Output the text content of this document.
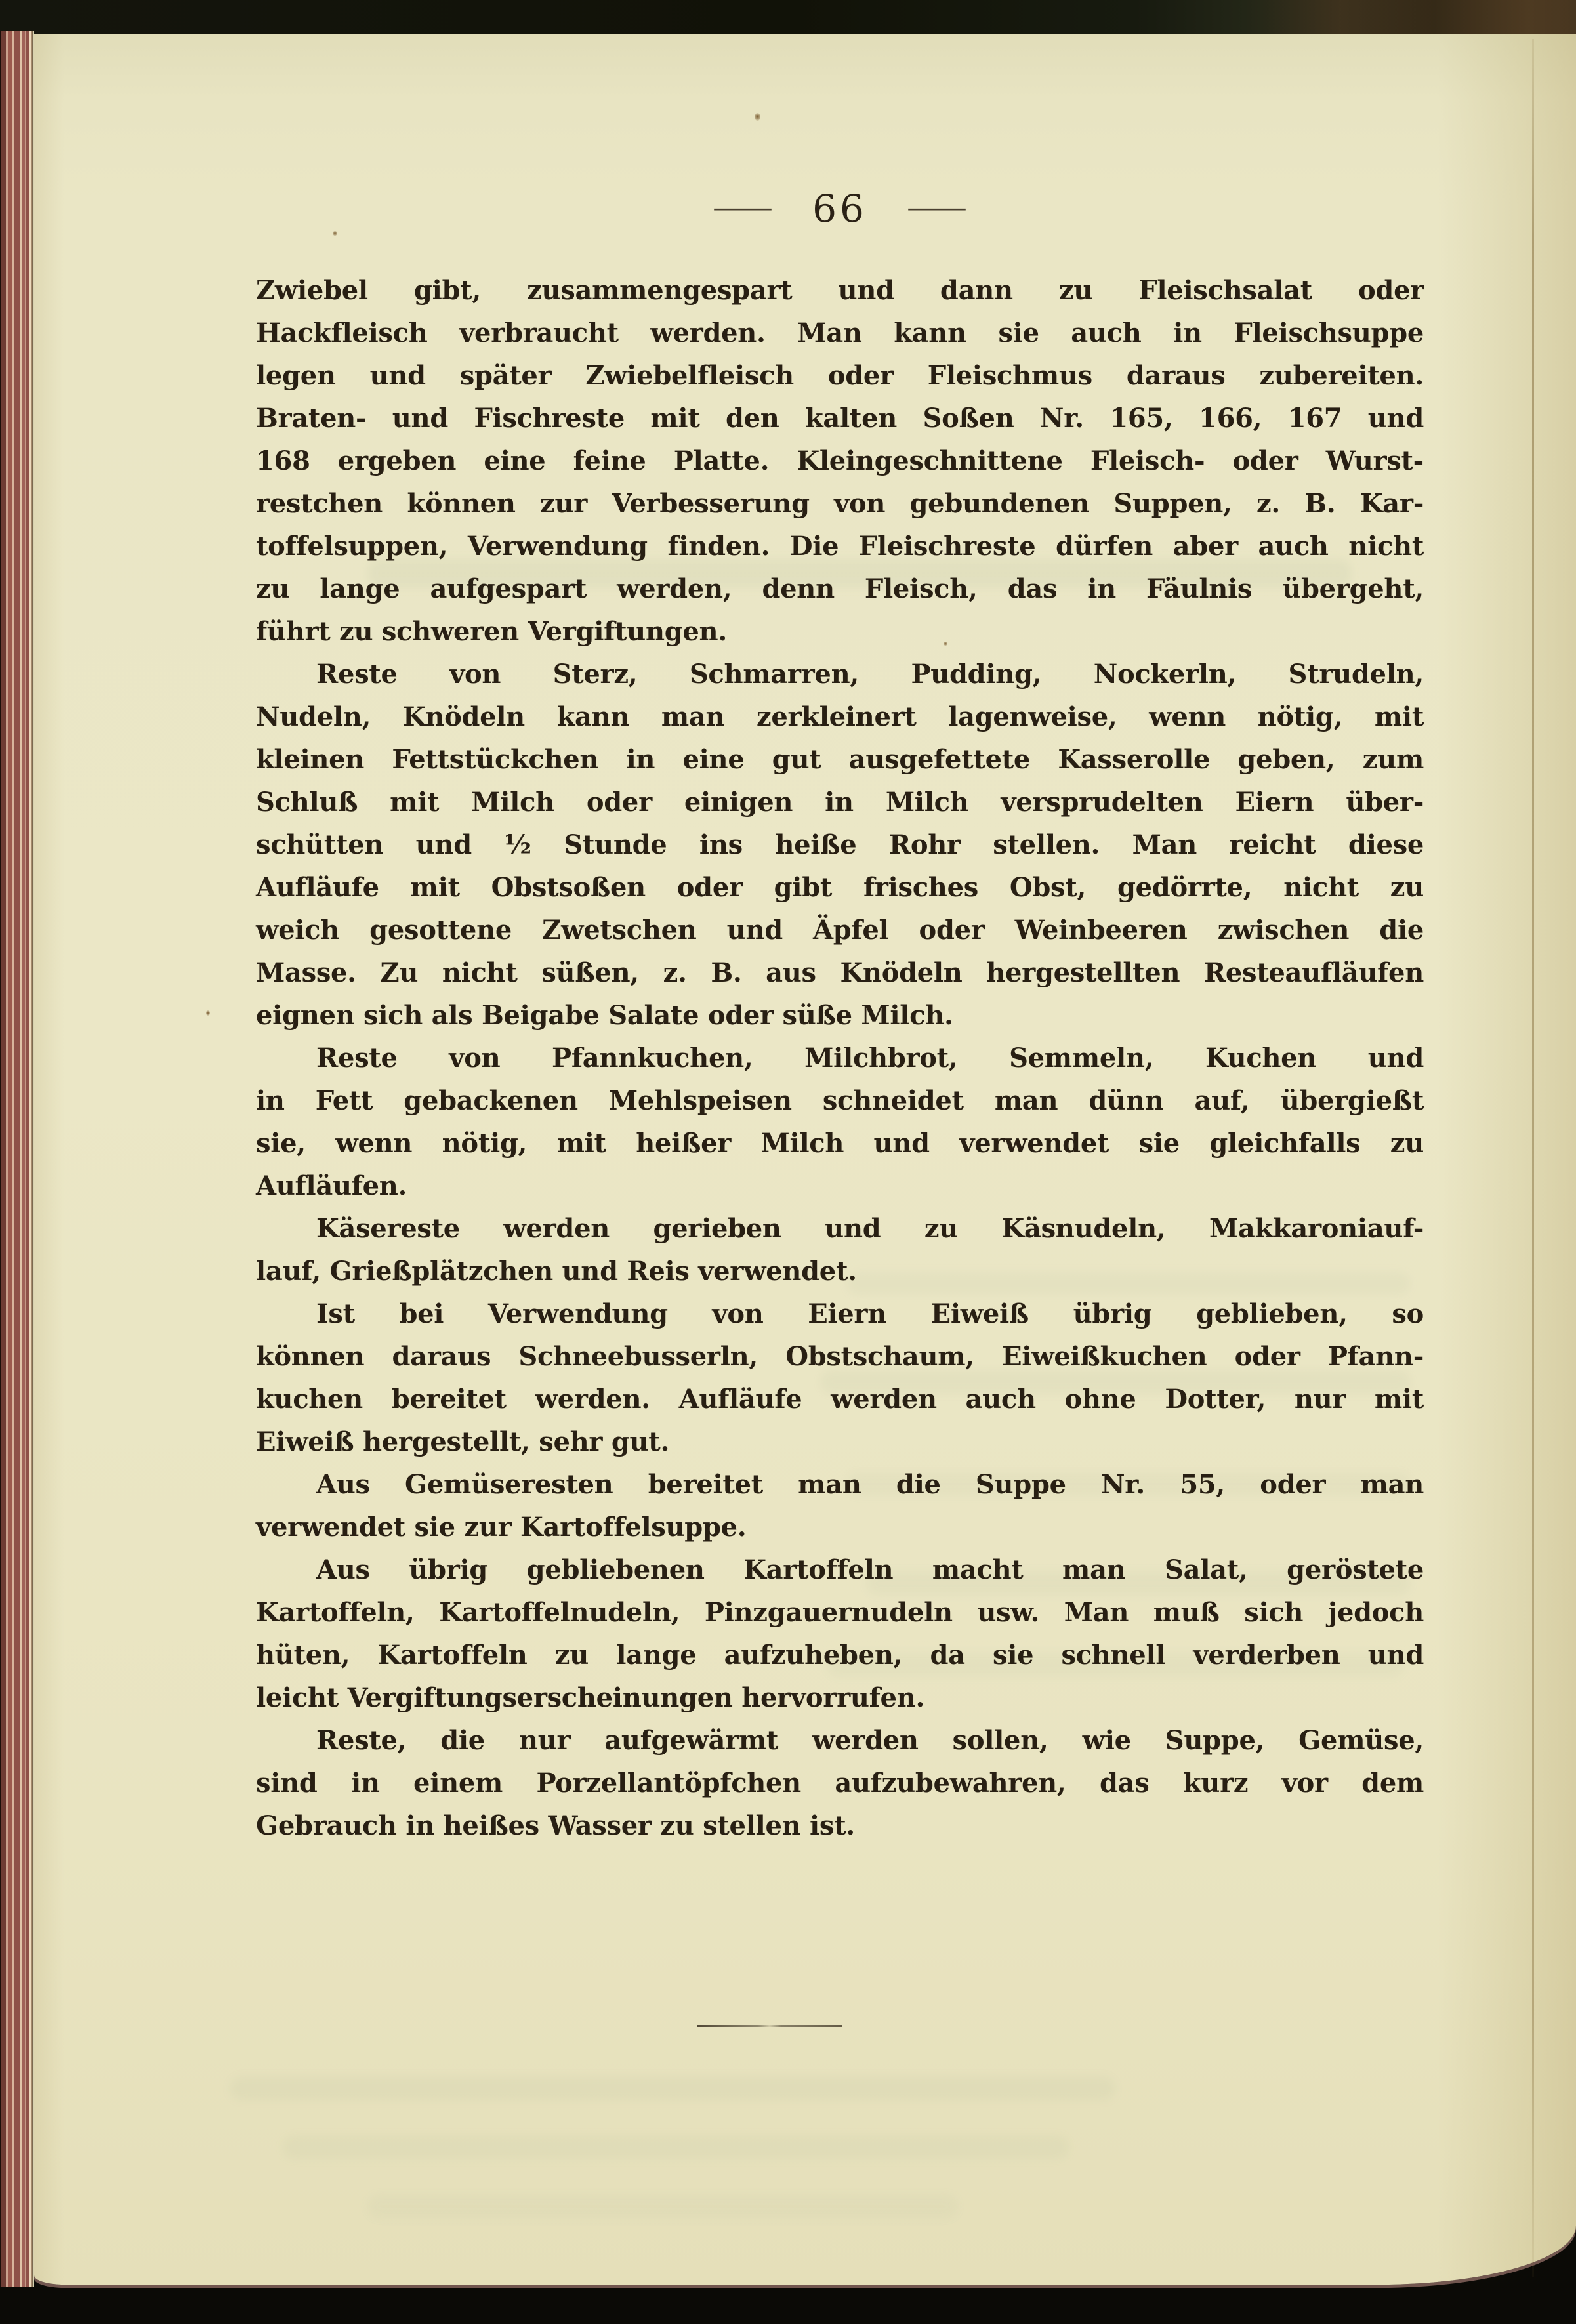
— 66 —
Zwiebel gibt, zusammengespart und dann zu Fleischsalat oder
Hackfleisch verbraucht werden. Man kann sie auch in Fleischsuppe
legen und später Zwiebelfleisch oder Fleischmus daraus zubereiten.
Braten- und Fischreste mit den kalten Soßen Nr. 165, 166, 167 und
168 ergeben eine feine Platte. Kleingeschnittene Fleisch- oder Wurst-
restchen können zur Verbesserung von gebundenen Suppen, z. B. Kar-
toffelsuppen, Verwendung finden. Die Fleischreste dürfen aber auch nicht
zu lange aufgespart werden, denn Fleisch, das in Fäulnis übergeht,
führt zu schweren Vergiftungen.
Reste von Sterz, Schmarren, Pudding, Nockerln, Strudeln,
Nudeln, Knödeln kann man zerkleinert lagenweise, wenn nötig, mit
kleinen Fettstückchen in eine gut ausgefettete Kasserolle geben, zum
Schluß mit Milch oder einigen in Milch versprudelten Eiern über-
schütten und ½ Stunde ins heiße Rohr stellen. Man reicht diese
Aufläufe mit Obstsoßen oder gibt frisches Obst, gedörrte, nicht zu
weich gesottene Zwetschen und Äpfel oder Weinbeeren zwischen die
Masse. Zu nicht süßen, z. B. aus Knödeln hergestellten Resteaufläufen
eignen sich als Beigabe Salate oder süße Milch.
Reste von Pfannkuchen, Milchbrot, Semmeln, Kuchen und
in Fett gebackenen Mehlspeisen schneidet man dünn auf, übergießt
sie, wenn nötig, mit heißer Milch und verwendet sie gleichfalls zu
Aufläufen.
Käsereste werden gerieben und zu Käsnudeln, Makkaroniauf-
lauf, Grießplätzchen und Reis verwendet.
Ist bei Verwendung von Eiern Eiweiß übrig geblieben, so
können daraus Schneebusserln, Obstschaum, Eiweißkuchen oder Pfann-
kuchen bereitet werden. Aufläufe werden auch ohne Dotter, nur mit
Eiweiß hergestellt, sehr gut.
Aus Gemüseresten bereitet man die Suppe Nr. 55, oder man
verwendet sie zur Kartoffelsuppe.
Aus übrig gebliebenen Kartoffeln macht man Salat, geröstete
Kartoffeln, Kartoffelnudeln, Pinzgauernudeln usw. Man muß sich jedoch
hüten, Kartoffeln zu lange aufzuheben, da sie schnell verderben und
leicht Vergiftungserscheinungen hervorrufen.
Reste, die nur aufgewärmt werden sollen, wie Suppe, Gemüse,
sind in einem Porzellantöpfchen aufzubewahren, das kurz vor dem
Gebrauch in heißes Wasser zu stellen ist.
